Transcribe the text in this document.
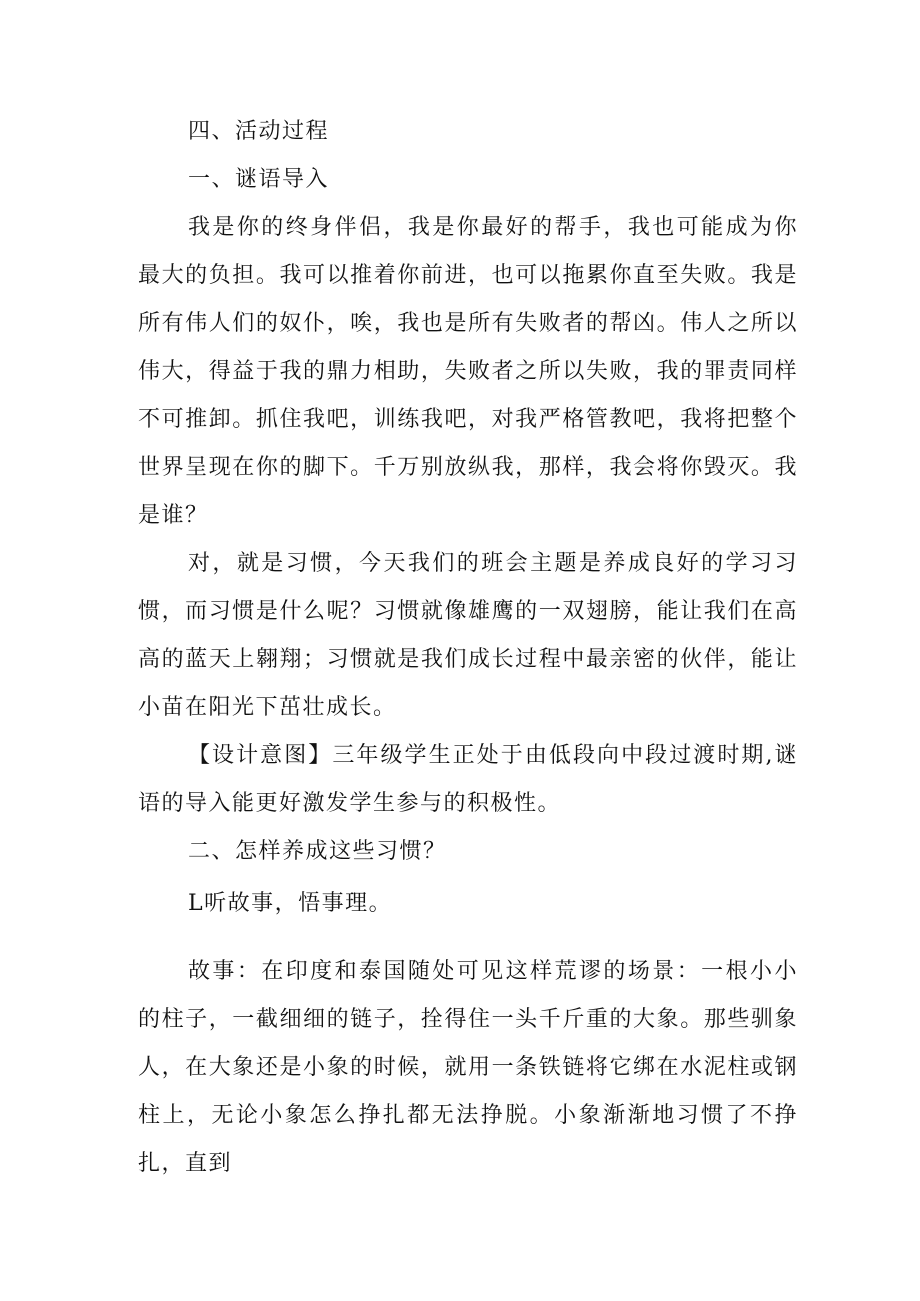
四、活动过程
一、谜语导入

我是你的终身伴侣，我是你最好的帮手，我也可能成为你最大的负担。我可以推着你前进，也可以拖累你直至失败。我是所有伟人们的奴仆，唉，我也是所有失败者的帮凶。伟人之所以伟大，得益于我的鼎力相助，失败者之所以失败，我的罪责同样不可推卸。抓住我吧，训练我吧，对我严格管教吧，我将把整个世界呈现在你的脚下。千万别放纵我，那样，我会将你毁灭。我是谁？

对，就是习惯，今天我们的班会主题是养成良好的学习习惯，而习惯是什么呢？习惯就像雄鹰的一双翅膀，能让我们在高高的蓝天上翱翔；习惯就是我们成长过程中最亲密的伙伴，能让小苗在阳光下茁壮成长。

【设计意图】三年级学生正处于由低段向中段过渡时期,谜语的导入能更好激发学生参与的积极性。

二、怎样养成这些习惯？
L听故事，悟事理。

故事：在印度和泰国随处可见这样荒谬的场景：一根小小的柱子，一截细细的链子，拴得住一头千斤重的大象。那些驯象人，在大象还是小象的时候，就用一条铁链将它绑在水泥柱或钢柱上，无论小象怎么挣扎都无法挣脱。小象渐渐地习惯了不挣扎，直到
